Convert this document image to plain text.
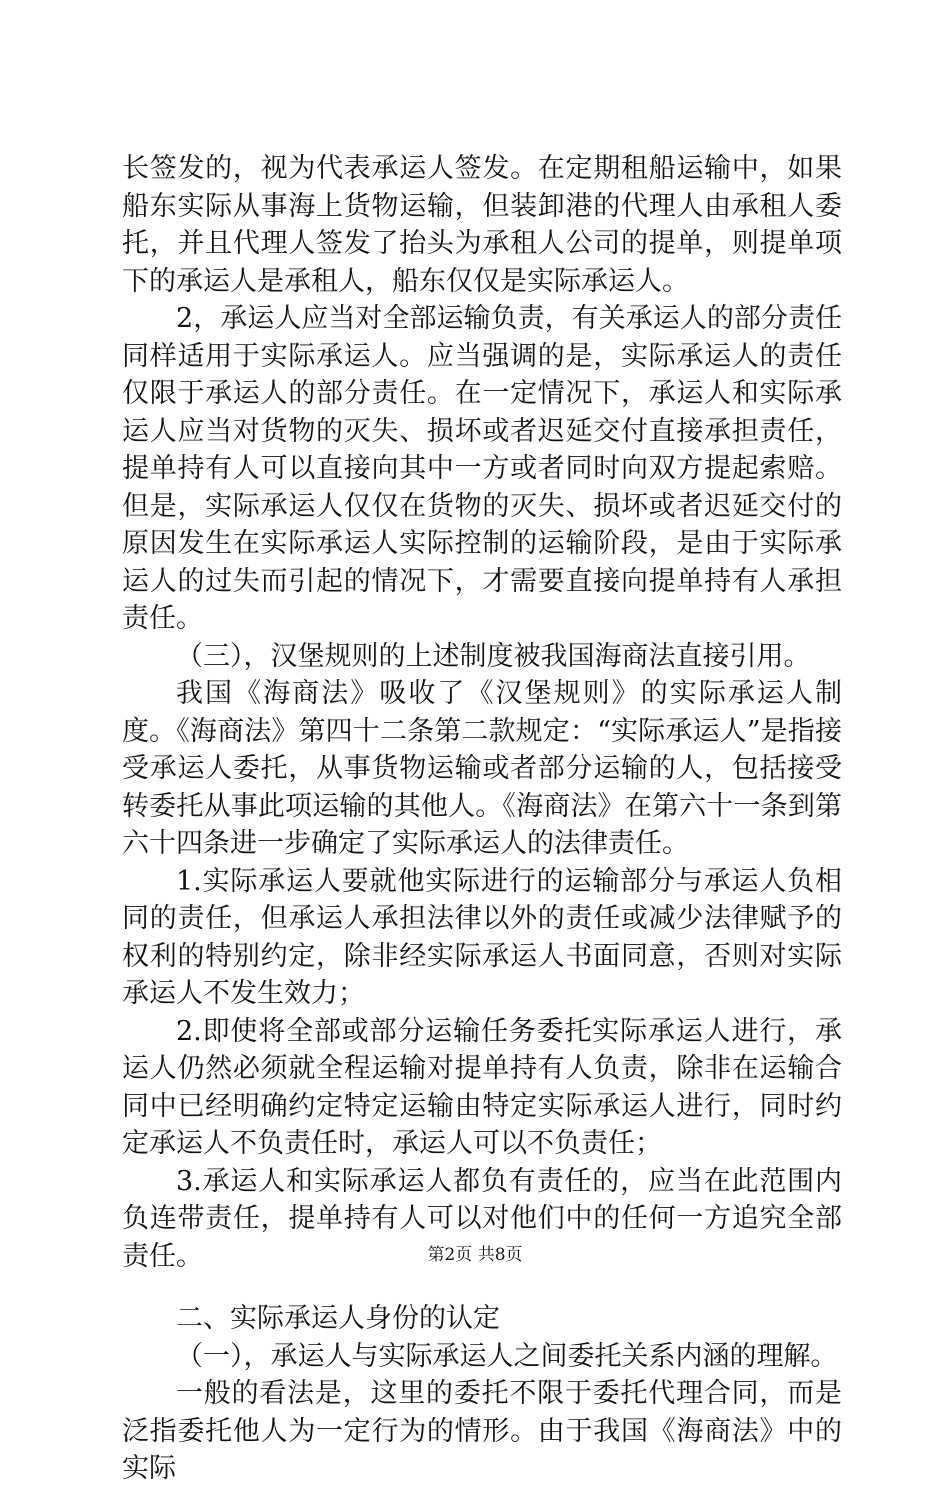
长签发的，视为代表承运人签发。在定期租船运输中，如果船东实际从事海上货物运输，但装卸港的代理人由承租人委托，并且代理人签发了抬头为承租人公司的提单，则提单项下的承运人是承租人，船东仅仅是实际承运人。

2，承运人应当对全部运输负责，有关承运人的部分责任同样适用于实际承运人。应当强调的是，实际承运人的责任仅限于承运人的部分责任。在一定情况下，承运人和实际承运人应当对货物的灭失、损坏或者迟延交付直接承担责任，提单持有人可以直接向其中一方或者同时向双方提起索赔。但是，实际承运人仅仅在货物的灭失、损坏或者迟延交付的原因发生在实际承运人实际控制的运输阶段，是由于实际承运人的过失而引起的情况下，才需要直接向提单持有人承担责任。

（三），汉堡规则的上述制度被我国海商法直接引用。

我国《海商法》吸收了《汉堡规则》的实际承运人制度。《海商法》第四十二条第二款规定：“实际承运人”是指接受承运人委托，从事货物运输或者部分运输的人，包括接受转委托从事此项运输的其他人。《海商法》在第六十一条到第六十四条进一步确定了实际承运人的法律责任。

1.实际承运人要就他实际进行的运输部分与承运人负相同的责任，但承运人承担法律以外的责任或减少法律赋予的权利的特别约定，除非经实际承运人书面同意，否则对实际承运人不发生效力；

2.即使将全部或部分运输任务委托实际承运人进行，承运人仍然必须就全程运输对提单持有人负责，除非在运输合同中已经明确约定特定运输由特定实际承运人进行，同时约定承运人不负责任时，承运人可以不负责任；

3.承运人和实际承运人都负有责任的，应当在此范围内负连带责任，提单持有人可以对他们中的任何一方追究全部责任。

二、实际承运人身份的认定

（一），承运人与实际承运人之间委托关系内涵的理解。

一般的看法是，这里的委托不限于委托代理合同，而是泛指委托他人为一定行为的情形。由于我国《海商法》中的实际

第2页 共8页
